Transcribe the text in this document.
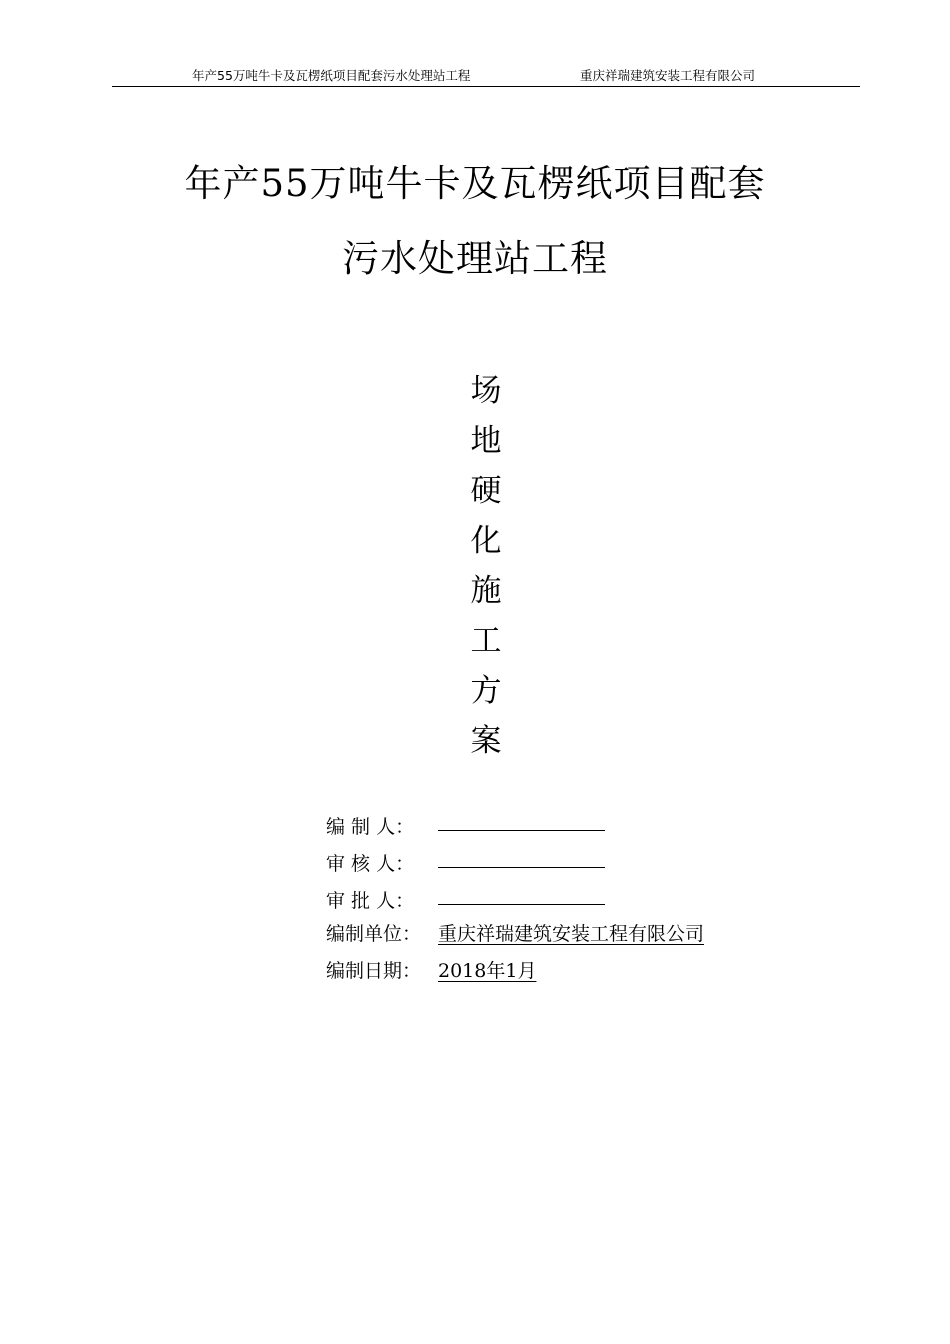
年产55万吨牛卡及瓦楞纸项目配套污水处理站工程	重庆祥瑞建筑安装工程有限公司
年产55万吨牛卡及瓦楞纸项目配套
污水处理站工程
场
地
硬
化
施
工
方
案
编 制 人：
审 核 人：
审 批 人：
编制单位： 重庆祥瑞建筑安装工程有限公司
编制日期： 2018年1月
